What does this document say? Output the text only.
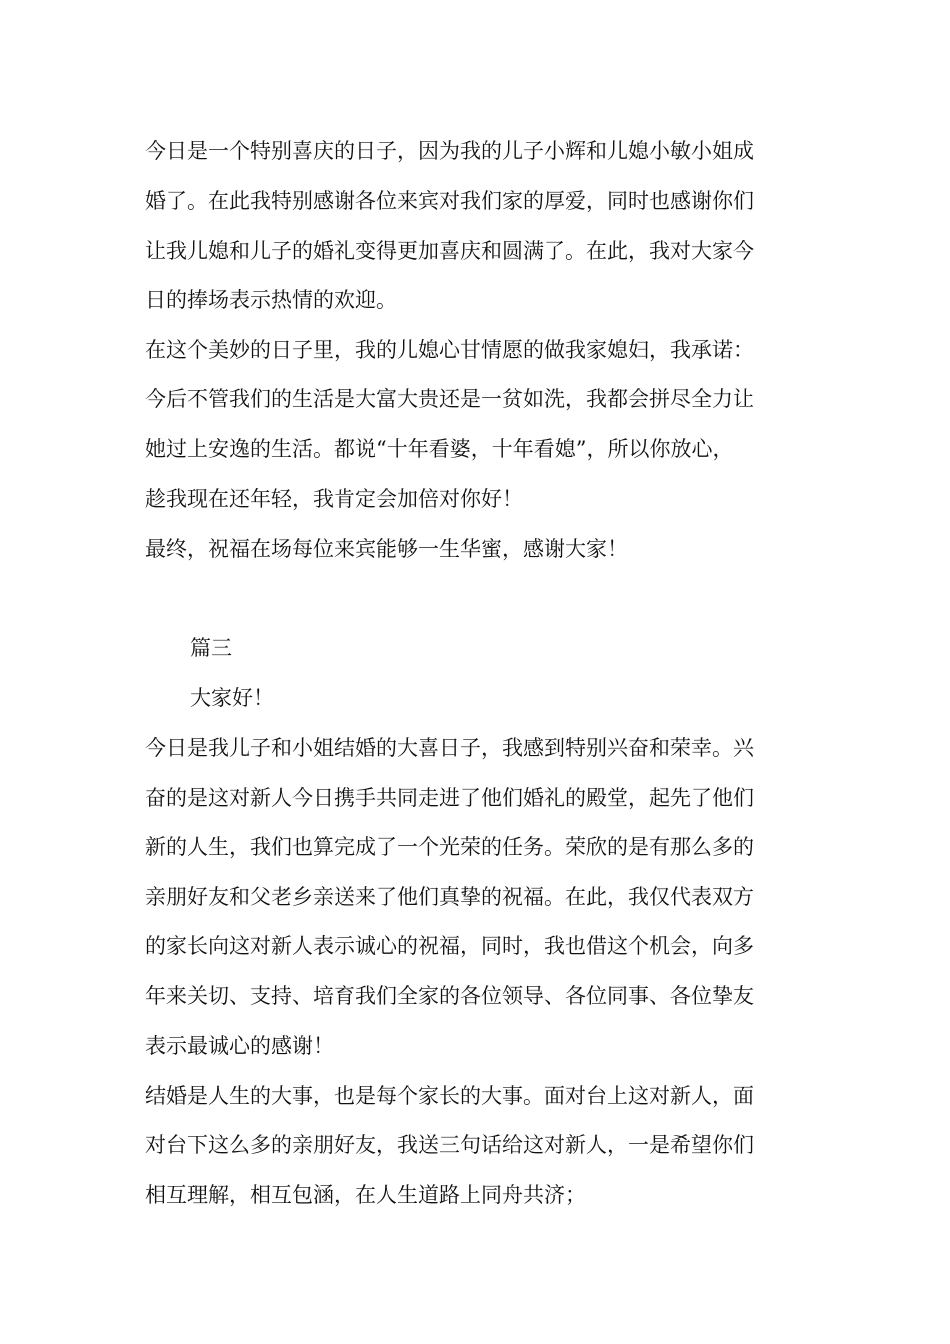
今日是一个特别喜庆的日子，因为我的儿子小辉和儿媳小敏小姐成
婚了。在此我特别感谢各位来宾对我们家的厚爱，同时也感谢你们
让我儿媳和儿子的婚礼变得更加喜庆和圆满了。在此，我对大家今
日的捧场表示热情的欢迎。
在这个美妙的日子里，我的儿媳心甘情愿的做我家媳妇，我承诺：
今后不管我们的生活是大富大贵还是一贫如洗，我都会拼尽全力让
她过上安逸的生活。都说“十年看婆，十年看媳”，所以你放心，
趁我现在还年轻，我肯定会加倍对你好！
最终，祝福在场每位来宾能够一生华蜜，感谢大家！
篇三
大家好！
今日是我儿子和小姐结婚的大喜日子，我感到特别兴奋和荣幸。兴
奋的是这对新人今日携手共同走进了他们婚礼的殿堂，起先了他们
新的人生，我们也算完成了一个光荣的任务。荣欣的是有那么多的
亲朋好友和父老乡亲送来了他们真挚的祝福。在此，我仅代表双方
的家长向这对新人表示诚心的祝福，同时，我也借这个机会，向多
年来关切、支持、培育我们全家的各位领导、各位同事、各位挚友
表示最诚心的感谢！
结婚是人生的大事，也是每个家长的大事。面对台上这对新人，面
对台下这么多的亲朋好友，我送三句话给这对新人，一是希望你们
相互理解，相互包涵，在人生道路上同舟共济；
